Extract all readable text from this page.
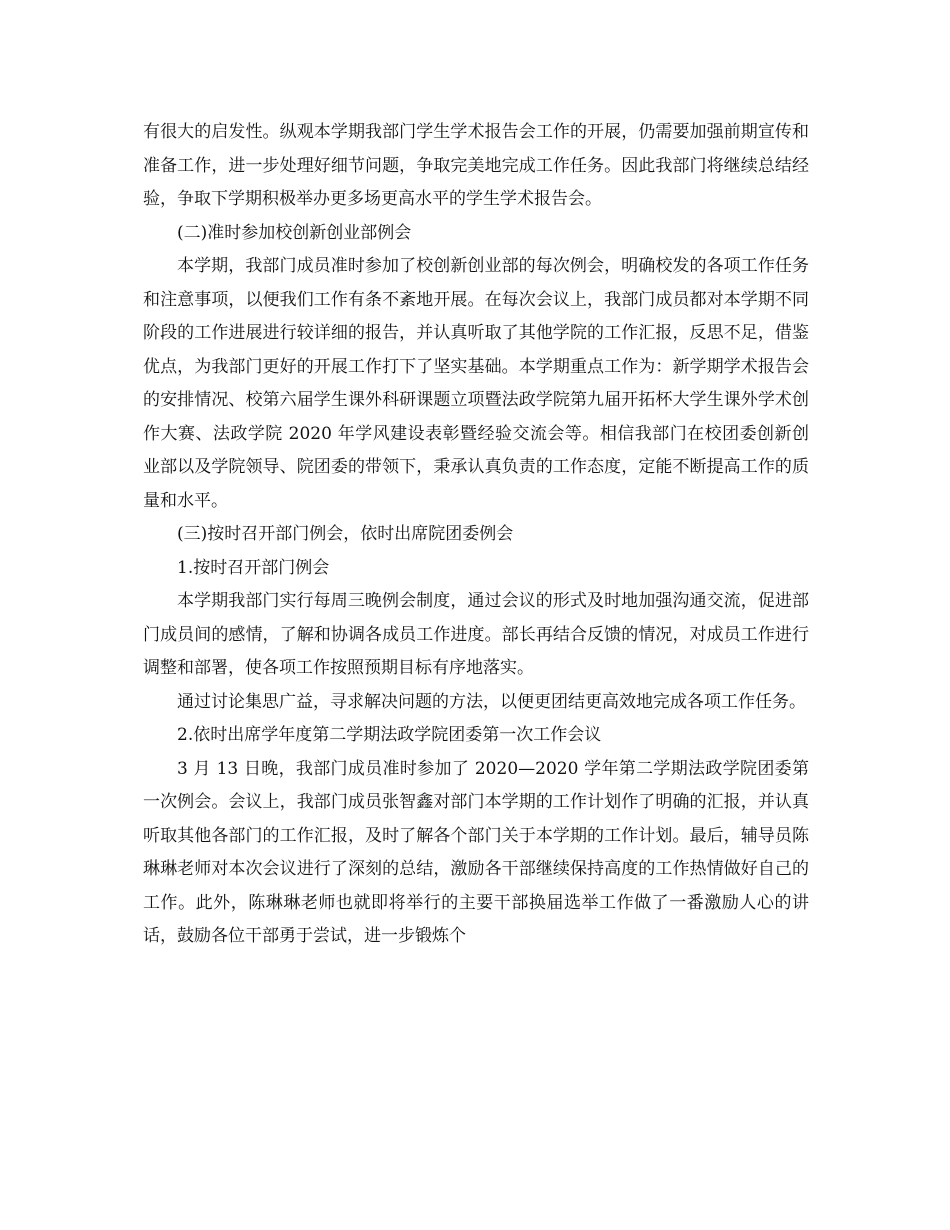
有很大的启发性。纵观本学期我部门学生学术报告会工作的开展，仍需要加强前期宣传和准备工作，进一步处理好细节问题，争取完美地完成工作任务。因此我部门将继续总结经验，争取下学期积极举办更多场更高水平的学生学术报告会。

(二)准时参加校创新创业部例会

本学期，我部门成员准时参加了校创新创业部的每次例会，明确校发的各项工作任务和注意事项，以便我们工作有条不紊地开展。在每次会议上，我部门成员都对本学期不同阶段的工作进展进行较详细的报告，并认真听取了其他学院的工作汇报，反思不足，借鉴优点，为我部门更好的开展工作打下了坚实基础。本学期重点工作为：新学期学术报告会的安排情况、校第六届学生课外科研课题立项暨法政学院第九届开拓杯大学生课外学术创作大赛、法政学院 2020 年学风建设表彰暨经验交流会等。相信我部门在校团委创新创业部以及学院领导、院团委的带领下，秉承认真负责的工作态度，定能不断提高工作的质量和水平。

(三)按时召开部门例会，依时出席院团委例会

1.按时召开部门例会

本学期我部门实行每周三晚例会制度，通过会议的形式及时地加强沟通交流，促进部门成员间的感情，了解和协调各成员工作进度。部长再结合反馈的情况，对成员工作进行调整和部署，使各项工作按照预期目标有序地落实。

通过讨论集思广益，寻求解决问题的方法，以便更团结更高效地完成各项工作任务。

2.依时出席学年度第二学期法政学院团委第一次工作会议

3 月 13 日晚，我部门成员准时参加了 2020—2020 学年第二学期法政学院团委第一次例会。会议上，我部门成员张智鑫对部门本学期的工作计划作了明确的汇报，并认真听取其他各部门的工作汇报，及时了解各个部门关于本学期的工作计划。最后，辅导员陈琳琳老师对本次会议进行了深刻的总结，激励各干部继续保持高度的工作热情做好自己的工作。此外，陈琳琳老师也就即将举行的主要干部换届选举工作做了一番激励人心的讲话，鼓励各位干部勇于尝试，进一步锻炼个
